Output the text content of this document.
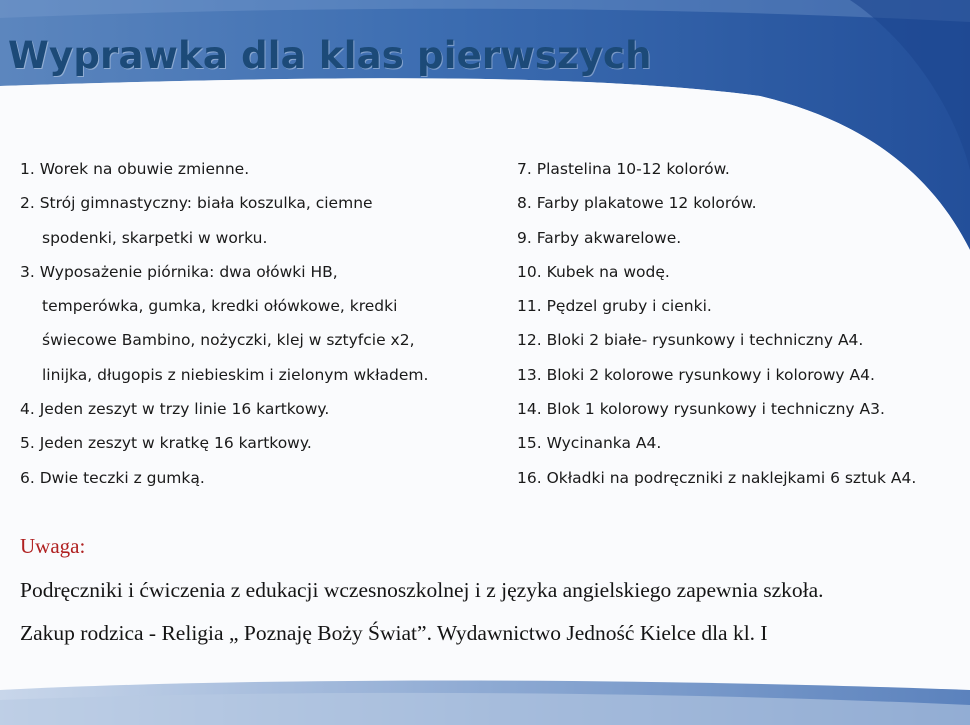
Wyprawka dla klas pierwszych
1. Worek na obuwie zmienne.
2. Strój gimnastyczny: biała koszulka, ciemne
spodenki, skarpetki w worku.
3. Wyposażenie piórnika: dwa ołówki HB,
temperówka, gumka, kredki ołówkowe, kredki
świecowe Bambino, nożyczki, klej w sztyfcie x2,
linijka, długopis z niebieskim i zielonym wkładem.
4. Jeden zeszyt w trzy linie 16 kartkowy.
5. Jeden zeszyt w kratkę 16 kartkowy.
6. Dwie teczki z gumką.
7. Plastelina 10-12 kolorów.
8. Farby plakatowe 12 kolorów.
9. Farby akwarelowe.
10. Kubek na wodę.
11. Pędzel gruby i cienki.
12. Bloki 2 białe- rysunkowy i techniczny A4.
13. Bloki 2 kolorowe rysunkowy i kolorowy A4.
14. Blok 1 kolorowy rysunkowy i techniczny A3.
15. Wycinanka A4.
16. Okładki na podręczniki z naklejkami 6 sztuk A4.

Uwaga:

Podręczniki i ćwiczenia z edukacji wczesnoszkolnej i z języka angielskiego zapewnia szkoła.

Zakup rodzica - Religia „ Poznaję Boży Świat”. Wydawnictwo Jedność Kielce dla kl. I
